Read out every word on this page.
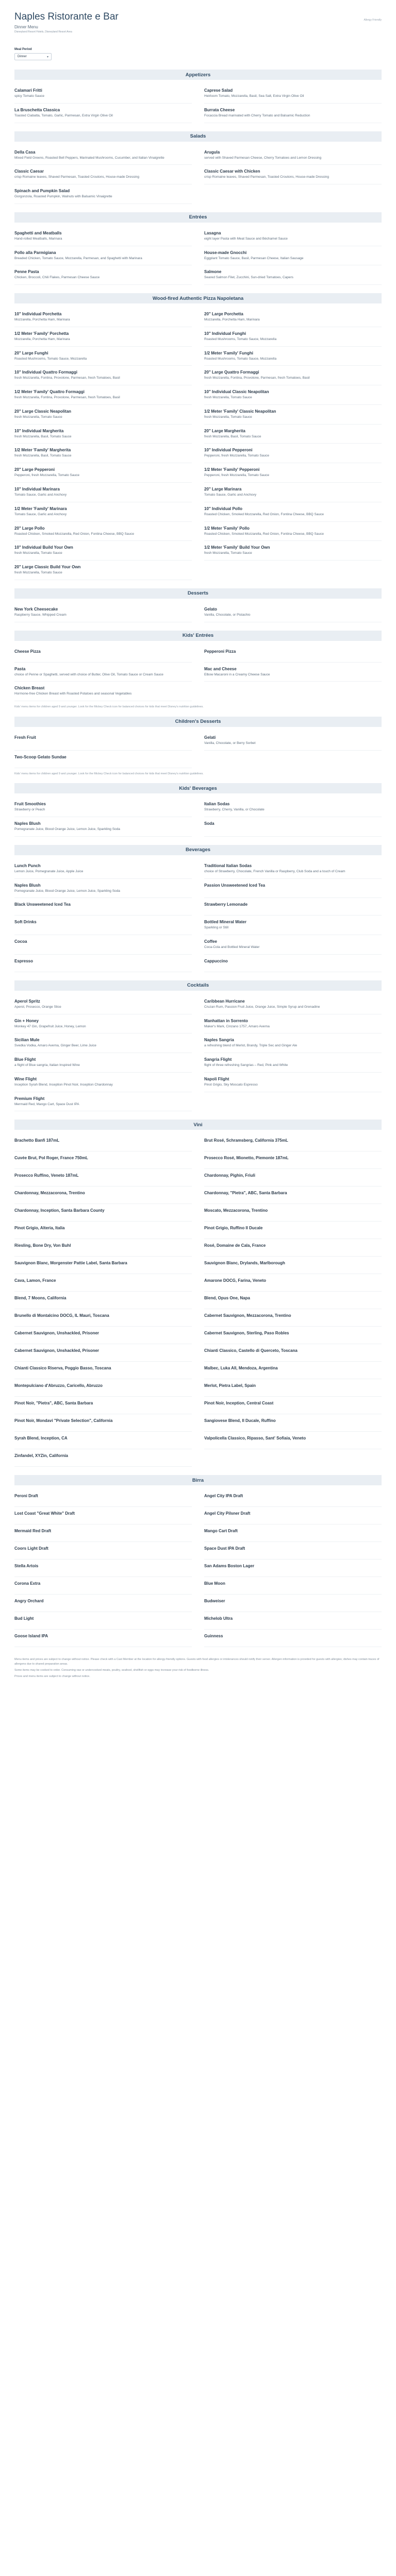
Naples Ristorante e Bar
Dinner Menu
Disneyland Resort Hotels, Disneyland Resort Area
Allergy Friendly
Meal Period
Dinner	▾
Appetizers
Calamari Fritti
spicy Tomato Sauce
Caprese Salad
Heirloom Tomato, Mozzarella, Basil, Sea Salt, Extra Virgin Olive Oil
La Bruschetta Classica
Toasted Ciabatta, Tomato, Garlic, Parmesan, Extra Virgin Olive Oil
Burrata Cheese
Focaccia Bread marinated with Cherry Tomato and Balsamic Reduction
Salads
Della Casa
Mixed Field Greens, Roasted Bell Peppers, Marinated Mushrooms, Cucumber, and Italian Vinaigrette
Arugula
served with Shaved Parmesan Cheese, Cherry Tomatoes and Lemon Dressing
Classic Caesar
crisp Romaine leaves, Shaved Parmesan, Toasted Croutons, House-made Dressing
Classic Caesar with Chicken
crisp Romaine leaves, Shaved Parmesan, Toasted Croutons, House-made Dressing
Spinach and Pumpkin Salad
Gorgonzola, Roasted Pumpkin, Walnuts with Balsamic Vinaigrette
Entrées
Spaghetti and Meatballs
Hand-rolled Meatballs, Marinara
Lasagna
eight layer Pasta with Meat Sauce and Béchamel Sauce
Pollo alla Parmigiana
Breaded Chicken, Tomato Sauce, Mozzarella, Parmesan, and Spaghetti with Marinara
House-made Gnocchi
Eggplant Tomato Sauce, Basil, Parmesan Cheese, Italian Sausage
Penne Pasta
Chicken, Broccoli, Chili Flakes, Parmesan Cheese Sauce
Salmone
Seared Salmon Filet, Zucchini, Sun-dried Tomatoes, Capers
Wood-fired Authentic Pizza Napoletana
10" Individual Porchetta
Mozzarella, Porchetta Ham, Marinara
20" Large Porchetta
Mozzarella, Porchetta Ham, Marinara
1/2 Meter 'Family' Porchetta
Mozzarella, Porchetta Ham, Marinara
10" Individual Funghi
Roasted Mushrooms, Tomato Sauce, Mozzarella
20" Large Funghi
Roasted Mushrooms, Tomato Sauce, Mozzarella
1/2 Meter 'Family' Funghi
Roasted Mushrooms, Tomato Sauce, Mozzarella
10" Individual Quattro Formaggi
fresh Mozzarella, Fontina, Provolone, Parmesan, fresh Tomatoes, Basil
20" Large Quattro Formaggi
fresh Mozzarella, Fontina, Provolone, Parmesan, fresh Tomatoes, Basil
1/2 Meter 'Family' Quattro Formaggi
fresh Mozzarella, Fontina, Provolone, Parmesan, fresh Tomatoes, Basil
10" Individual Classic Neapolitan
fresh Mozzarella, Tomato Sauce
20" Large Classic Neapolitan
fresh Mozzarella, Tomato Sauce
1/2 Meter 'Family' Classic Neapolitan
fresh Mozzarella, Tomato Sauce
10" Individual Margherita
fresh Mozzarella, Basil, Tomato Sauce
20" Large Margherita
fresh Mozzarella, Basil, Tomato Sauce
1/2 Meter 'Family' Margherita
fresh Mozzarella, Basil, Tomato Sauce
10" Individual Pepperoni
Pepperoni, fresh Mozzarella, Tomato Sauce
20" Large Pepperoni
Pepperoni, fresh Mozzarella, Tomato Sauce
1/2 Meter 'Family' Pepperoni
Pepperoni, fresh Mozzarella, Tomato Sauce
10" Individual Marinara
Tomato Sauce, Garlic and Anchovy
20" Large Marinara
Tomato Sauce, Garlic and Anchovy
1/2 Meter 'Family' Marinara
Tomato Sauce, Garlic and Anchovy
10" Individual Pollo
Roasted Chicken, Smoked Mozzarella, Red Onion, Fontina Cheese, BBQ Sauce
20" Large Pollo
Roasted Chicken, Smoked Mozzarella, Red Onion, Fontina Cheese, BBQ Sauce
1/2 Meter 'Family' Pollo
Roasted Chicken, Smoked Mozzarella, Red Onion, Fontina Cheese, BBQ Sauce
10" Individual Build Your Own
fresh Mozzarella, Tomato Sauce
1/2 Meter 'Family' Build Your Own
fresh Mozzarella, Tomato Sauce
20" Large Classic Build Your Own
fresh Mozzarella, Tomato Sauce
Desserts
New York Cheesecake
Raspberry Sauce, Whipped Cream
Gelato
Vanilla, Chocolate, or Pistachio
Kids' Entrées
Cheese Pizza	Pepperoni Pizza
Pasta
choice of Penne or Spaghetti, served with choice of Butter, Olive Oil, Tomato Sauce or Cream Sauce
Mac and Cheese
Elbow Macaroni in a Creamy Cheese Sauce
Chicken Breast
Hormone-free Chicken Breast with Roasted Potatoes and seasonal Vegetables
Kids' menu items for children aged 9 and younger. Look for the Mickey Check icon for balanced choices for kids that meet Disney's nutrition guidelines.
Children's Desserts
Fresh Fruit	Gelati
Vanilla, Chocolate, or Berry Sorbet
Two-Scoop Gelato Sundae
Kids' menu items for children aged 9 and younger. Look for the Mickey Check icon for balanced choices for kids that meet Disney's nutrition guidelines.
Kids' Beverages
Fruit Smoothies
Strawberry or Peach
Italian Sodas
Strawberry, Cherry, Vanilla, or Chocolate
Naples Blush
Pomegranate Juice, Blood Orange Juice, Lemon Juice, Sparkling Soda
Soda
Beverages
Lunch Punch
Lemon Juice, Pomegranate Juice, Apple Juice
Traditional Italian Sodas
choice of Strawberry, Chocolate, French Vanilla or Raspberry, Club Soda and a touch of Cream
Naples Blush
Pomegranate Juice, Blood Orange Juice, Lemon Juice, Sparkling Soda
Passion Unsweetened Iced Tea
Black Unsweetened Iced Tea	Strawberry Lemonade
Soft Drinks	Bottled Mineral Water
Sparkling or Still
Cocoa	Coffee
Coca-Cola and Bottled Mineral Water
Espresso	Cappuccino
Cocktails
Aperol Spritz
Aperol, Prosecco, Orange Slice
Caribbean Hurricane
Cruzan Rum, Passion Fruit Juice, Orange Juice, Simple Syrup and Grenadine
Gin + Honey
Monkey 47 Gin, Grapefruit Juice, Honey, Lemon
Manhattan in Sorrento
Maker's Mark, Cinzano 1757, Amaro Averna
Sicilian Mule
Svedka Vodka, Amaro Averna, Ginger Beer, Lime Juice
Naples Sangria
a refreshing blend of Merlot, Brandy, Triple Sec and Ginger Ale
Blue Flight
a flight of Blue sangria, Italian Inspired Wine
Sangria Flight
flight of three refreshing Sangrias – Red, Pink and White
Wine Flight
Inception Syrah Blend, Inception Pinot Noir, Inception Chardonnay
Napoli Flight
Pinot Grigio, Sky Moscato Espresso
Premium Flight
Mermaid Red, Mango Cart, Space Dust IPA
Vini
Brachetto Banfi 187mL	Brut Rosé, Schramsberg, California 375mL
Cuvée Brut, Pol Roger, France 750mL	Prosecco Rosé, Mionetto, Piemonte 187mL
Prosecco Ruffino, Veneto 187mL	Chardonnay, Pighin, Friuli
Chardonnay, Mezzacorona, Trentino	Chardonnay, "Pietra", ABC, Santa Barbara
Chardonnay, Inception, Santa Barbara County	Moscato, Mezzacorona, Trentino
Pinot Grigio, Alteria, Italia	Pinot Grigio, Ruffino Il Ducale
Riesling, Bone Dry, Von Buhl	Rosé, Domaine de Cala, France
Sauvignon Blanc, Morgenster Pattie Label, Santa Barbara	Sauvignon Blanc, Drylands, Marlborough
Cava, Lamon, France	Amarone DOCG, Farina, Veneto
Blend, 7 Moons, California	Blend, Opus One, Napa
Brunello di Montalcino DOCG, IL Mauri, Toscana	Cabernet Sauvignon, Mezzacorona, Trentino
Cabernet Sauvignon, Unshackled, Prisoner	Cabernet Sauvignon, Sterling, Paso Robles
Cabernet Sauvignon, Unshackled, Prisoner	Chianti Classico, Castello di Querceto, Toscana
Chianti Classico Riserva, Poggio Basso, Toscana	Malbec, Luka All, Mendoza, Argentina
Montepulciano d'Abruzzo, Caricello, Abruzzo	Merlot, Pietra Label, Spain
Pinot Noir, "Pietra", ABC, Santa Barbara	Pinot Noir, Inception, Central Coast
Pinot Noir, Mondavi "Private Selection", California	Sangiovese Blend, Il Ducale, Ruffino
Syrah Blend, Inception, CA	Valpolicella Classico, Ripasso, Sant' Sofiaia, Veneto
Zinfandel, XYZin, California
Birra
Peroni Draft	Angel City IPA Draft
Lost Coast "Great White" Draft	Angel City Pilsner Draft
Mermaid Red Draft	Mango Cart Draft
Coors Light Draft	Space Dust IPA Draft
Stella Artois	San Adams Boston Lager
Corona Extra	Blue Moon
Angry Orchard	Budweiser
Bud Light	Michelob Ultra
Goose Island IPA	Guinness

Menu items and prices are subject to change without notice. Please check with a Cast Member at the location for allergy-friendly options. Guests with food allergies or intolerances should notify their server. Allergen information is provided for guests with allergies; dishes may contain traces of allergens due to shared preparation areas.

Some items may be cooked to order. Consuming raw or undercooked meats, poultry, seafood, shellfish or eggs may increase your risk of foodborne illness.

Prices and menu items are subject to change without notice.
